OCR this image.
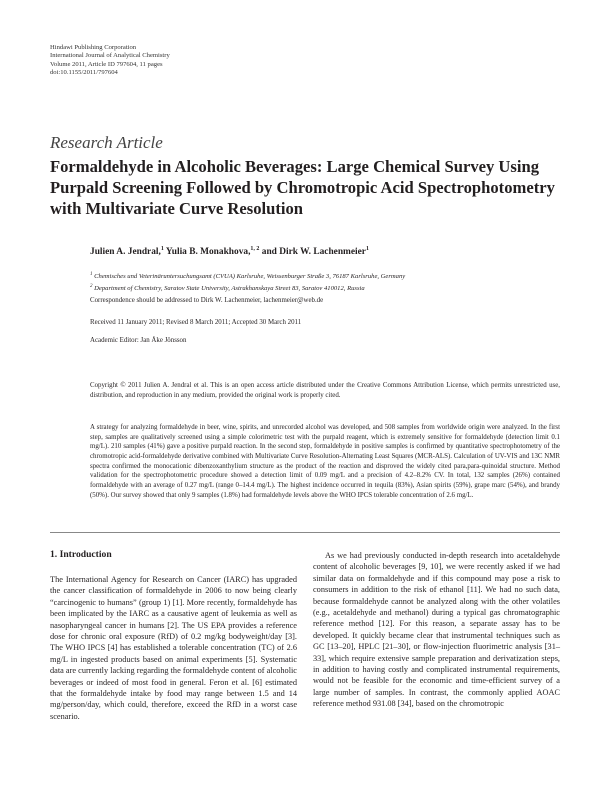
Hindawi Publishing Corporation
International Journal of Analytical Chemistry
Volume 2011, Article ID 797604, 11 pages
doi:10.1155/2011/797604
Research Article
Formaldehyde in Alcoholic Beverages: Large Chemical Survey Using Purpald Screening Followed by Chromotropic Acid Spectrophotometry with Multivariate Curve Resolution
Julien A. Jendral,$^1$ Yulia B. Monakhova,$^{1, 2}$ and Dirk W. Lachenmeier$^1$
$^1$ Chemisches und Veterinäruntersuchungsamt (CVUA) Karlsruhe, Weissenburger Straße 3, 76187 Karlsruhe, Germany
$^2$ Department of Chemistry, Saratov State University, Astrakhanskaya Street 83, Saratov 410012, Russia
Correspondence should be addressed to Dirk W. Lachenmeier, lachenmeier@web.de
Received 11 January 2011; Revised 8 March 2011; Accepted 30 March 2011
Academic Editor: Jan Åke Jönsson
Copyright © 2011 Julien A. Jendral et al. This is an open access article distributed under the Creative Commons Attribution License, which permits unrestricted use, distribution, and reproduction in any medium, provided the original work is properly cited.
A strategy for analyzing formaldehyde in beer, wine, spirits, and unrecorded alcohol was developed, and 508 samples from worldwide origin were analyzed. In the first step, samples are qualitatively screened using a simple colorimetric test with the purpald reagent, which is extremely sensitive for formaldehyde (detection limit 0.1 mg/L). 210 samples (41%) gave a positive purpald reaction. In the second step, formaldehyde in positive samples is confirmed by quantitative spectrophotometry of the chromotropic acid-formaldehyde derivative combined with Multivariate Curve Resolution-Alternating Least Squares (MCR-ALS). Calculation of UV-VIS and 13C NMR spectra confirmed the monocationic dibenzoxanthylium structure as the product of the reaction and disproved the widely cited para,para-quinoidal structure. Method validation for the spectrophotometric procedure showed a detection limit of 0.09 mg/L and a precision of 4.2–8.2% CV. In total, 132 samples (26%) contained formaldehyde with an average of 0.27 mg/L (range 0–14.4 mg/L). The highest incidence occurred in tequila (83%), Asian spirits (59%), grape marc (54%), and brandy (50%). Our survey showed that only 9 samples (1.8%) had formaldehyde levels above the WHO IPCS tolerable concentration of 2.6 mg/L.
1. Introduction

The International Agency for Research on Cancer (IARC) has upgraded the cancer classification of formaldehyde in 2006 to now being clearly “carcinogenic to humans” (group 1) [1]. More recently, formaldehyde has been implicated by the IARC as a causative agent of leukemia as well as nasopharyngeal cancer in humans [2]. The US EPA provides a reference dose for chronic oral exposure (RfD) of 0.2 mg/kg bodyweight/day [3]. The WHO IPCS [4] has established a tolerable concentration (TC) of 2.6 mg/L in ingested products based on animal experiments [5]. Systematic data are currently lacking regarding the formaldehyde content of alcoholic beverages or indeed of most food in general. Feron et al. [6] estimated that the formaldehyde intake by food may range between 1.5 and 14 mg/person/day, which could, therefore, exceed the RfD in a worst case scenario.

As we had previously conducted in-depth research into acetaldehyde content of alcoholic beverages [9, 10], we were recently asked if we had similar data on formaldehyde and if this compound may pose a risk to consumers in addition to the risk of ethanol [11]. We had no such data, because formaldehyde cannot be analyzed along with the other volatiles (e.g., acetaldehyde and methanol) during a typical gas chromatographic reference method [12]. For this reason, a separate assay has to be developed. It quickly became clear that instrumental techniques such as GC [13–20], HPLC [21–30], or flow-injection fluorimetric analysis [31–33], which require extensive sample preparation and derivatization steps, in addition to having costly and complicated instrumental requirements, would not be feasible for the economic and time-efficient survey of a large number of samples. In contrast, the commonly applied AOAC reference method 931.08 [34], based on the chromotropic
